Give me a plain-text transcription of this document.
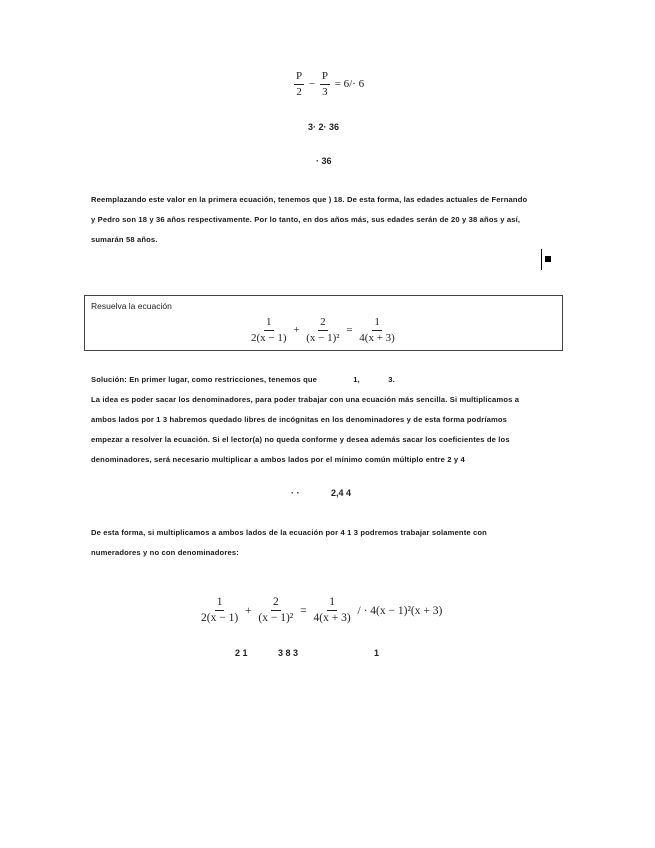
$\frac{P}{2} - \frac{P}{3} = 6/\cdot 6$
3· 2· 36
· 36
Reemplazando este valor en la primera ecuación, tenemos que ) 18. De esta forma, las edades actuales de Fernando
y Pedro son 18 y 36 años respectivamente. Por lo tanto, en dos años más, sus edades serán de 20 y 38 años y así,
sumarán 58 años.
Resuelva la ecuación
$\frac{1}{2(x - 1)} + \frac{2}{\text{(x − 1)²}} = \frac{1}{4(x + 3)}$
Solución: En primer lugar, como restricciones, tenemos que	1,	3.
La idea es poder sacar los denominadores, para poder trabajar con una ecuación más sencilla. Si multiplicamos a
ambos lados por 1 3 habremos quedado libres de incógnitas en los denominadores y de esta forma podríamos
empezar a resolver la ecuación. Si el lector(a) no queda conforme y desea además sacar los coeficientes de los
denominadores, será necesario multiplicar a ambos lados por el mínimo común múltiplo entre 2 y 4
· ·	2,4 4
De esta forma, si multiplicamos a ambos lados de la ecuación por 4 1 3 podremos trabajar solamente con
numeradores y no con denominadores:
$\frac{1}{2(x - 1)} + \frac{2}{\text{(x − 1)²}} = \frac{1}{4(x + 3)}$ / · 4(x − 1)²(x + 3)
2 1	3 8 3	1
